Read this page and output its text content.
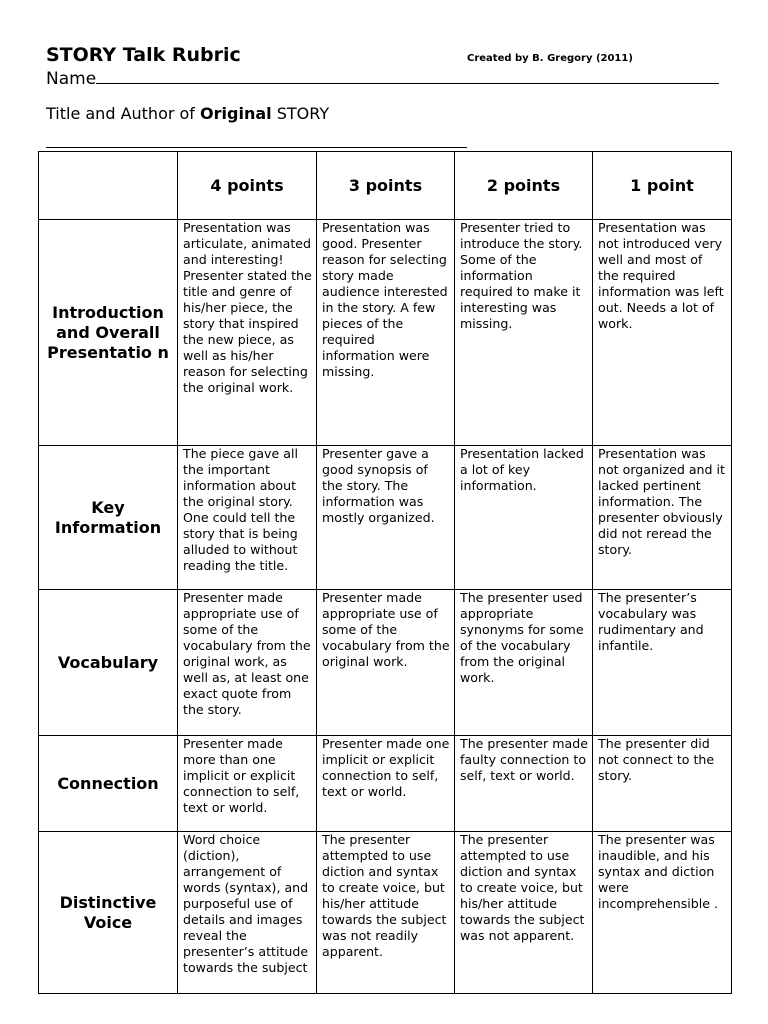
STORY Talk Rubric	Created by B. Gregory (2011)
Name
Title and Author of Original STORY
	4 points	3 points	2 points	1 point
Introduction and Overall Presentatio n	Presentation was articulate, animated and interesting! Presenter stated the title and genre of his/her piece, the story that inspired the new piece, as well as his/her reason for selecting the original work.	Presentation was good. Presenter reason for selecting story made audience interested in the story. A few pieces of the required information were missing.	Presenter tried to introduce the story. Some of the information required to make it interesting was missing.	Presentation was not introduced very well and most of the required information was left out. Needs a lot of work.
Key Information	The piece gave all the important information about the original story. One could tell the story that is being alluded to without reading the title.	Presenter gave a good synopsis of the story. The information was mostly organized.	Presentation lacked a lot of key information.	Presentation was not organized and it lacked pertinent information. The presenter obviously did not reread the story.
Vocabulary	Presenter made appropriate use of some of the vocabulary from the original work, as well as, at least one exact quote from the story.	Presenter made appropriate use of some of the vocabulary from the original work.	The presenter used appropriate synonyms for some of the vocabulary from the original work.	The presenter’s vocabulary was rudimentary and infantile.
Connection	Presenter made more than one implicit or explicit connection to self, text or world.	Presenter made one implicit or explicit connection to self, text or world.	The presenter made faulty connection to self, text or world.	The presenter did not connect to the story.
Distinctive Voice	Word choice (diction), arrangement of words (syntax), and purposeful use of details and images reveal the presenter’s attitude towards the subject	The presenter attempted to use diction and syntax to create voice, but his/her attitude towards the subject was not readily apparent.	The presenter attempted to use diction and syntax to create voice, but his/her attitude towards the subject was not apparent.	The presenter was inaudible, and his syntax and diction were incomprehensible .
